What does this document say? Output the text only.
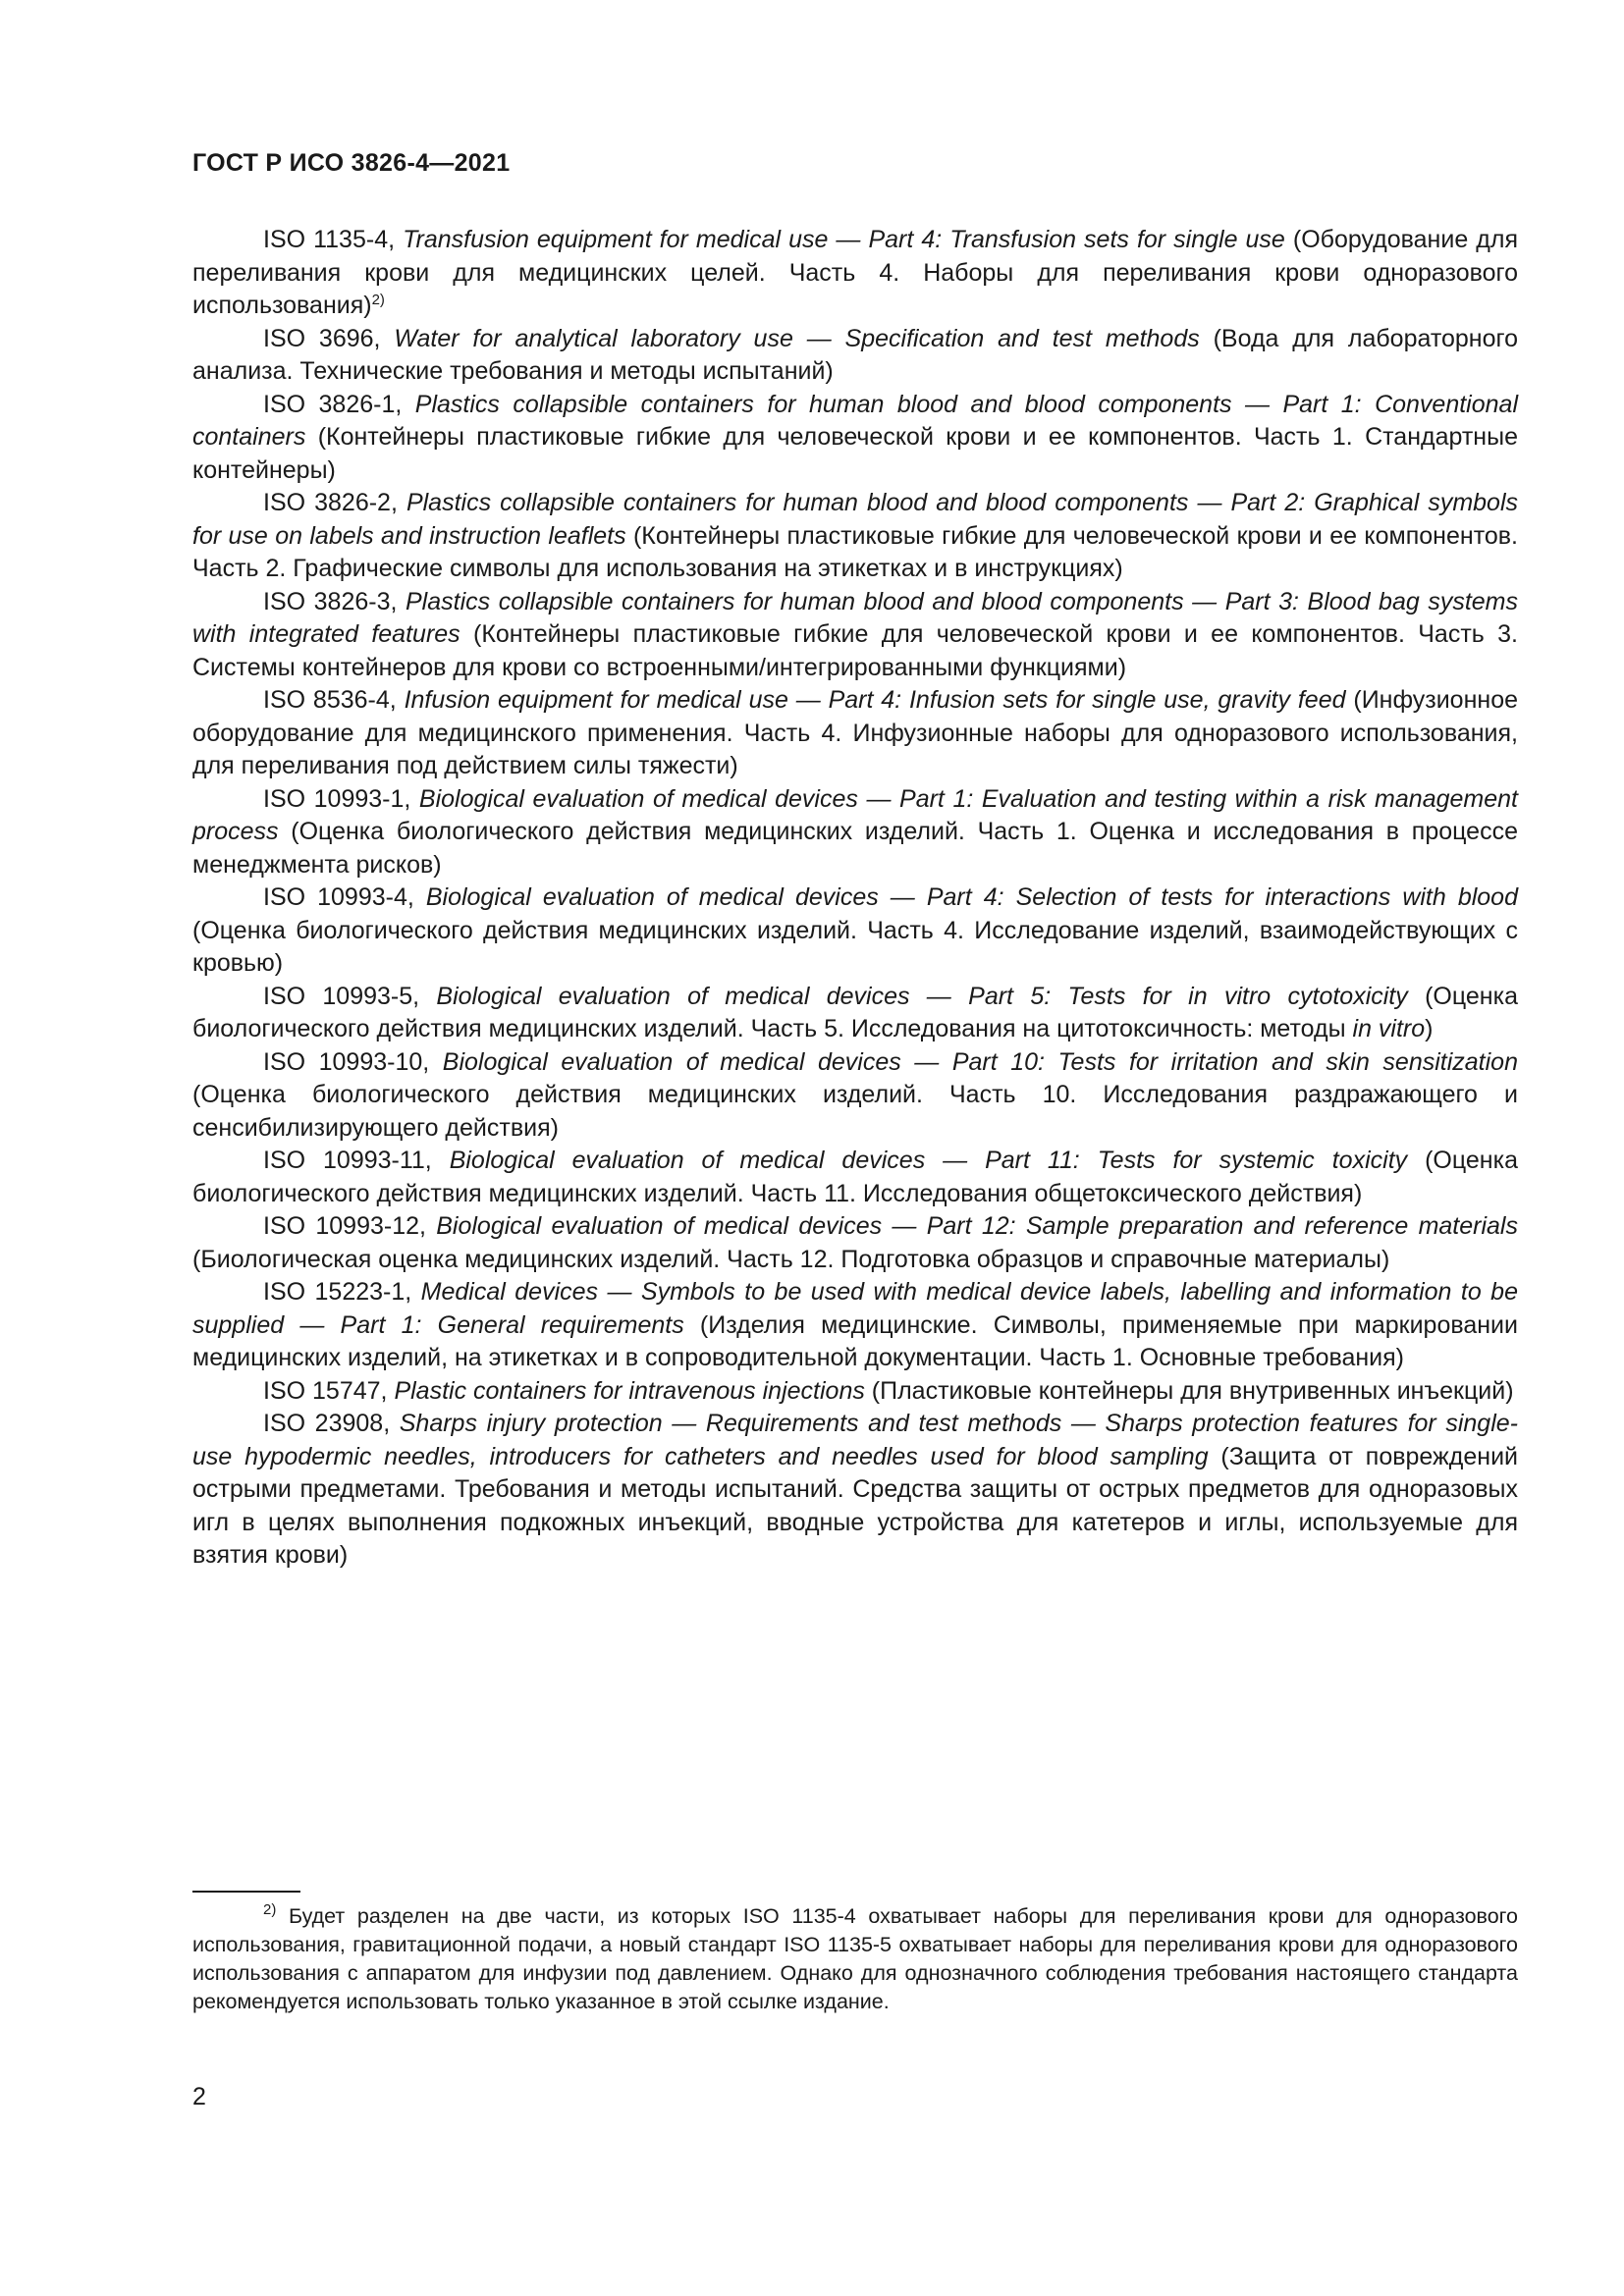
ГОСТ Р ИСО 3826-4—2021

ISO 1135-4, Transfusion equipment for medical use — Part 4: Transfusion sets for single use (Оборудование для переливания крови для медицинских целей. Часть 4. Наборы для переливания крови одноразового использования)$^{2)}$

ISO 3696, Water for analytical laboratory use — Specification and test methods (Вода для лабораторного анализа. Технические требования и методы испытаний)

ISO 3826-1, Plastics collapsible containers for human blood and blood components — Part 1: Conventional containers (Контейнеры пластиковые гибкие для человеческой крови и ее компонентов. Часть 1. Стандартные контейнеры)

ISO 3826-2, Plastics collapsible containers for human blood and blood components — Part 2: Graphical symbols for use on labels and instruction leaflets (Контейнеры пластиковые гибкие для человеческой крови и ее компонентов. Часть 2. Графические символы для использования на этикетках и в инструкциях)

ISO 3826-3, Plastics collapsible containers for human blood and blood components — Part 3: Blood bag systems with integrated features (Контейнеры пластиковые гибкие для человеческой крови и ее компонентов. Часть 3. Системы контейнеров для крови со встроенными/интегрированными функциями)

ISO 8536-4, Infusion equipment for medical use — Part 4: Infusion sets for single use, gravity feed (Инфузионное оборудование для медицинского применения. Часть 4. Инфузионные наборы для одноразового использования, для переливания под действием силы тяжести)

ISO 10993-1, Biological evaluation of medical devices — Part 1: Evaluation and testing within a risk management process (Оценка биологического действия медицинских изделий. Часть 1. Оценка и исследования в процессе менеджмента рисков)

ISO 10993-4, Biological evaluation of medical devices — Part 4: Selection of tests for interactions with blood (Оценка биологического действия медицинских изделий. Часть 4. Исследование изделий, взаимодействующих с кровью)

ISO 10993-5, Biological evaluation of medical devices — Part 5: Tests for in vitro cytotoxicity (Оценка биологического действия медицинских изделий. Часть 5. Исследования на цитотоксичность: методы in vitro)

ISO 10993-10, Biological evaluation of medical devices — Part 10: Tests for irritation and skin sensitization (Оценка биологического действия медицинских изделий. Часть 10. Исследования раздражающего и сенсибилизирующего действия)

ISO 10993-11, Biological evaluation of medical devices — Part 11: Tests for systemic toxicity (Оценка биологического действия медицинских изделий. Часть 11. Исследования общетоксического действия)

ISO 10993-12, Biological evaluation of medical devices — Part 12: Sample preparation and reference materials (Биологическая оценка медицинских изделий. Часть 12. Подготовка образцов и справочные материалы)

ISO 15223-1, Medical devices — Symbols to be used with medical device labels, labelling and information to be supplied — Part 1: General requirements (Изделия медицинские. Символы, применяемые при маркировании медицинских изделий, на этикетках и в сопроводительной документации. Часть 1. Основные требования)

ISO 15747, Plastic containers for intravenous injections (Пластиковые контейнеры для внутривенных инъекций)

ISO 23908, Sharps injury protection — Requirements and test methods — Sharps protection features for single-use hypodermic needles, introducers for catheters and needles used for blood sampling (Защита от повреждений острыми предметами. Требования и методы испытаний. Средства защиты от острых предметов для одноразовых игл в целях выполнения подкожных инъекций, вводные устройства для катетеров и иглы, используемые для взятия крови)

$^{2)}$ Будет разделен на две части, из которых ISO 1135-4 охватывает наборы для переливания крови для одноразового использования, гравитационной подачи, а новый стандарт ISO 1135-5 охватывает наборы для переливания крови для одноразового использования с аппаратом для инфузии под давлением. Однако для однозначного соблюдения требования настоящего стандарта рекомендуется использовать только указанное в этой ссылке издание.

2
